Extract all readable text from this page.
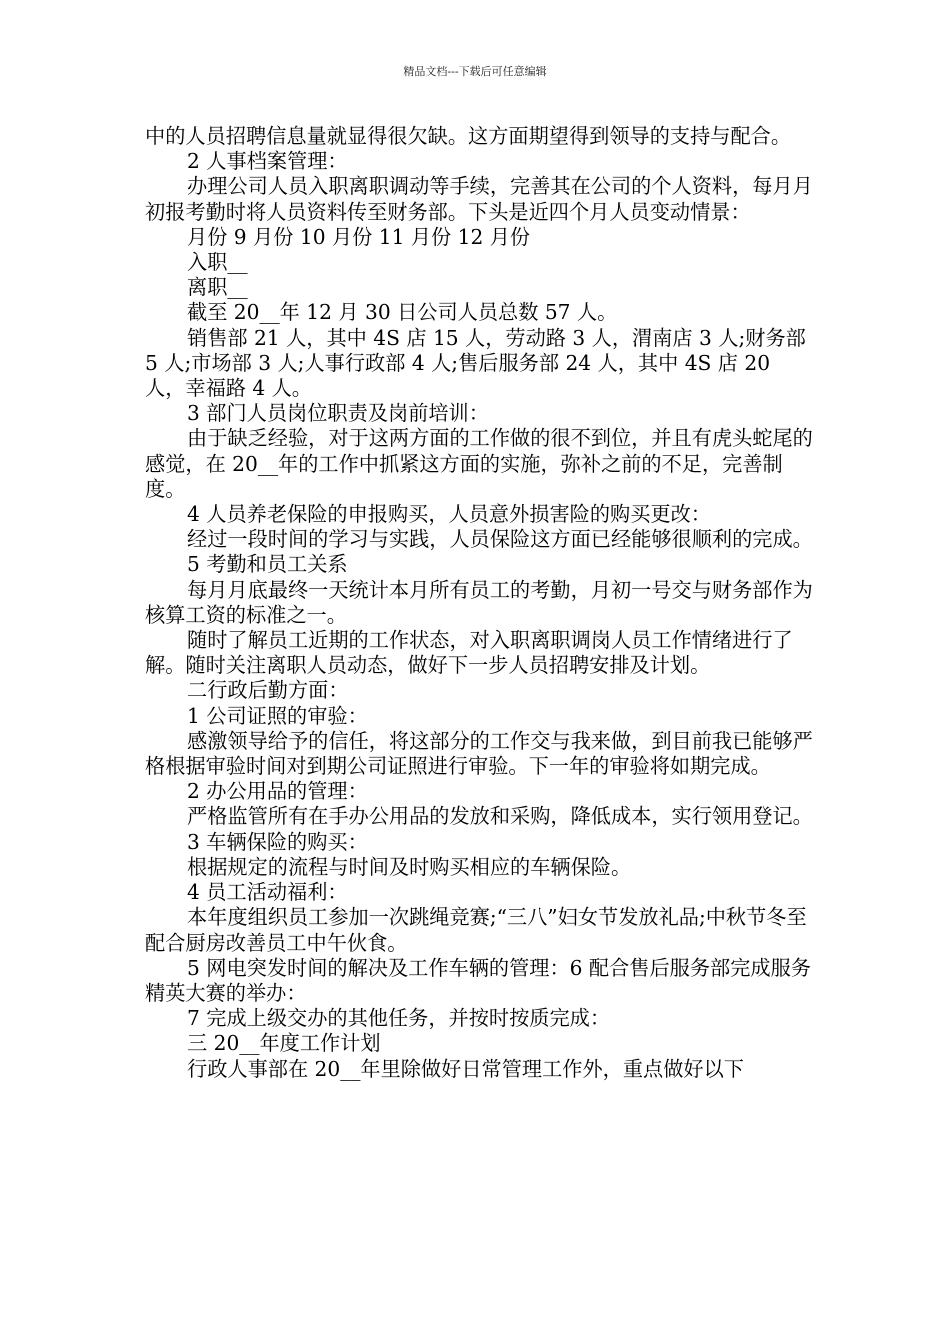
精品文档---下载后可任意编辑

中的人员招聘信息量就显得很欠缺。这方面期望得到领导的支持与配合。

2 人事档案管理：

办理公司人员入职离职调动等手续，完善其在公司的个人资料，每月月初报考勤时将人员资料传至财务部。下头是近四个月人员变动情景：

月份 9 月份 10 月份 11 月份 12 月份

入职__

离职__

截至 20__年 12 月 30 日公司人员总数 57 人。

销售部 21 人，其中 4S 店 15 人，劳动路 3 人，渭南店 3 人;财务部 5 人;市场部 3 人;人事行政部 4 人;售后服务部 24 人，其中 4S 店 20 人，幸福路 4 人。

3 部门人员岗位职责及岗前培训：

由于缺乏经验，对于这两方面的工作做的很不到位，并且有虎头蛇尾的感觉，在 20__年的工作中抓紧这方面的实施，弥补之前的不足，完善制度。

4 人员养老保险的申报购买，人员意外损害险的购买更改：

经过一段时间的学习与实践，人员保险这方面已经能够很顺利的完成。

5 考勤和员工关系

每月月底最终一天统计本月所有员工的考勤，月初一号交与财务部作为核算工资的标准之一。

随时了解员工近期的工作状态，对入职离职调岗人员工作情绪进行了解。随时关注离职人员动态，做好下一步人员招聘安排及计划。

二行政后勤方面：

1 公司证照的审验：

感激领导给予的信任，将这部分的工作交与我来做，到目前我已能够严格根据审验时间对到期公司证照进行审验。下一年的审验将如期完成。

2 办公用品的管理：

严格监管所有在手办公用品的发放和采购，降低成本，实行领用登记。

3 车辆保险的购买：

根据规定的流程与时间及时购买相应的车辆保险。

4 员工活动福利：

本年度组织员工参加一次跳绳竞赛;“三八”妇女节发放礼品;中秋节冬至配合厨房改善员工中午伙食。

5 网电突发时间的解决及工作车辆的管理：6 配合售后服务部完成服务精英大赛的举办：

7 完成上级交办的其他任务，并按时按质完成：

三 20__年度工作计划

行政人事部在 20__年里除做好日常管理工作外，重点做好以下
